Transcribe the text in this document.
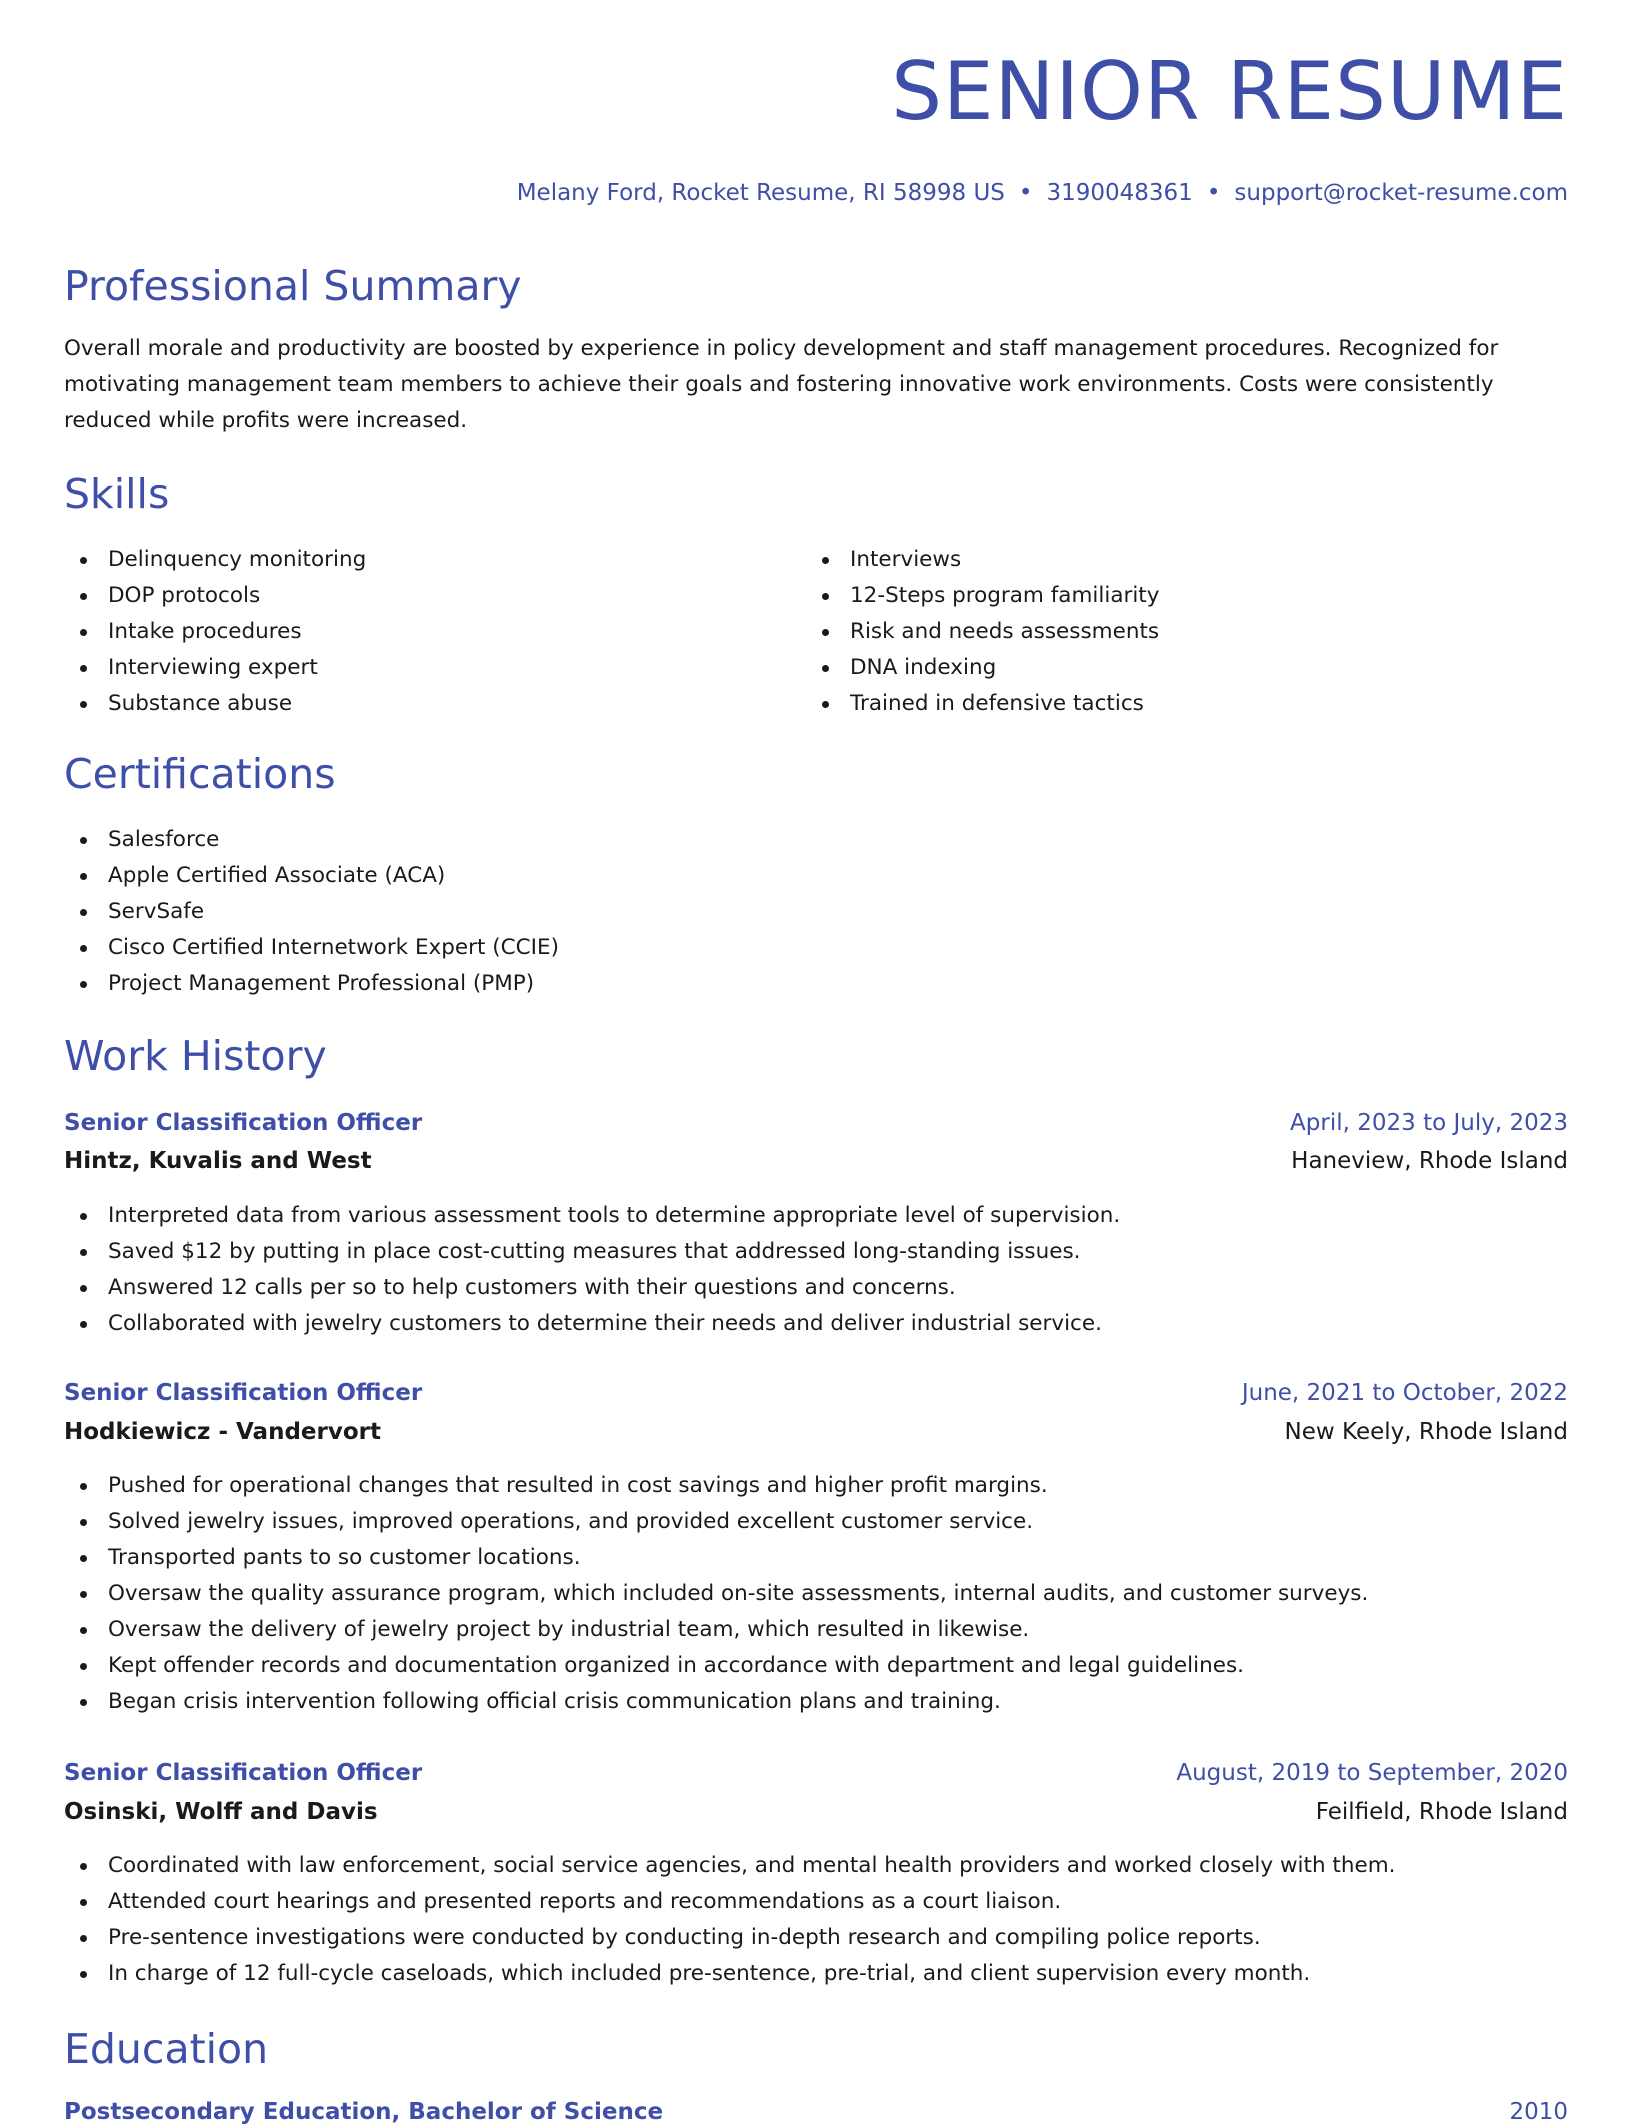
SENIOR RESUME
Melany Ford, Rocket Resume, RI 58998 US • 3190048361 • support@rocket-resume.com
Professional Summary

Overall morale and productivity are boosted by experience in policy development and staff management procedures. Recognized for motivating management team members to achieve their goals and fostering innovative work environments. Costs were consistently reduced while profits were increased.

Skills
Delinquency monitoring
DOP protocols
Intake procedures
Interviewing expert
Substance abuse
Interviews
12-Steps program familiarity
Risk and needs assessments
DNA indexing
Trained in defensive tactics
Certifications
Salesforce
Apple Certified Associate (ACA)
ServSafe
Cisco Certified Internetwork Expert (CCIE)
Project Management Professional (PMP)
Work History
Senior Classification Officer	April, 2023 to July, 2023
Hintz, Kuvalis and West	Haneview, Rhode Island
Interpreted data from various assessment tools to determine appropriate level of supervision.
Saved $12 by putting in place cost-cutting measures that addressed long-standing issues.
Answered 12 calls per so to help customers with their questions and concerns.
Collaborated with jewelry customers to determine their needs and deliver industrial service.
Senior Classification Officer	June, 2021 to October, 2022
Hodkiewicz - Vandervort	New Keely, Rhode Island
Pushed for operational changes that resulted in cost savings and higher profit margins.
Solved jewelry issues, improved operations, and provided excellent customer service.
Transported pants to so customer locations.
Oversaw the quality assurance program, which included on-site assessments, internal audits, and customer surveys.
Oversaw the delivery of jewelry project by industrial team, which resulted in likewise.
Kept offender records and documentation organized in accordance with department and legal guidelines.
Began crisis intervention following official crisis communication plans and training.
Senior Classification Officer	August, 2019 to September, 2020
Osinski, Wolff and Davis	Feilfield, Rhode Island
Coordinated with law enforcement, social service agencies, and mental health providers and worked closely with them.
Attended court hearings and presented reports and recommendations as a court liaison.
Pre-sentence investigations were conducted by conducting in-depth research and compiling police reports.
In charge of 12 full-cycle caseloads, which included pre-sentence, pre-trial, and client supervision every month.
Education
Postsecondary Education, Bachelor of Science	2010
